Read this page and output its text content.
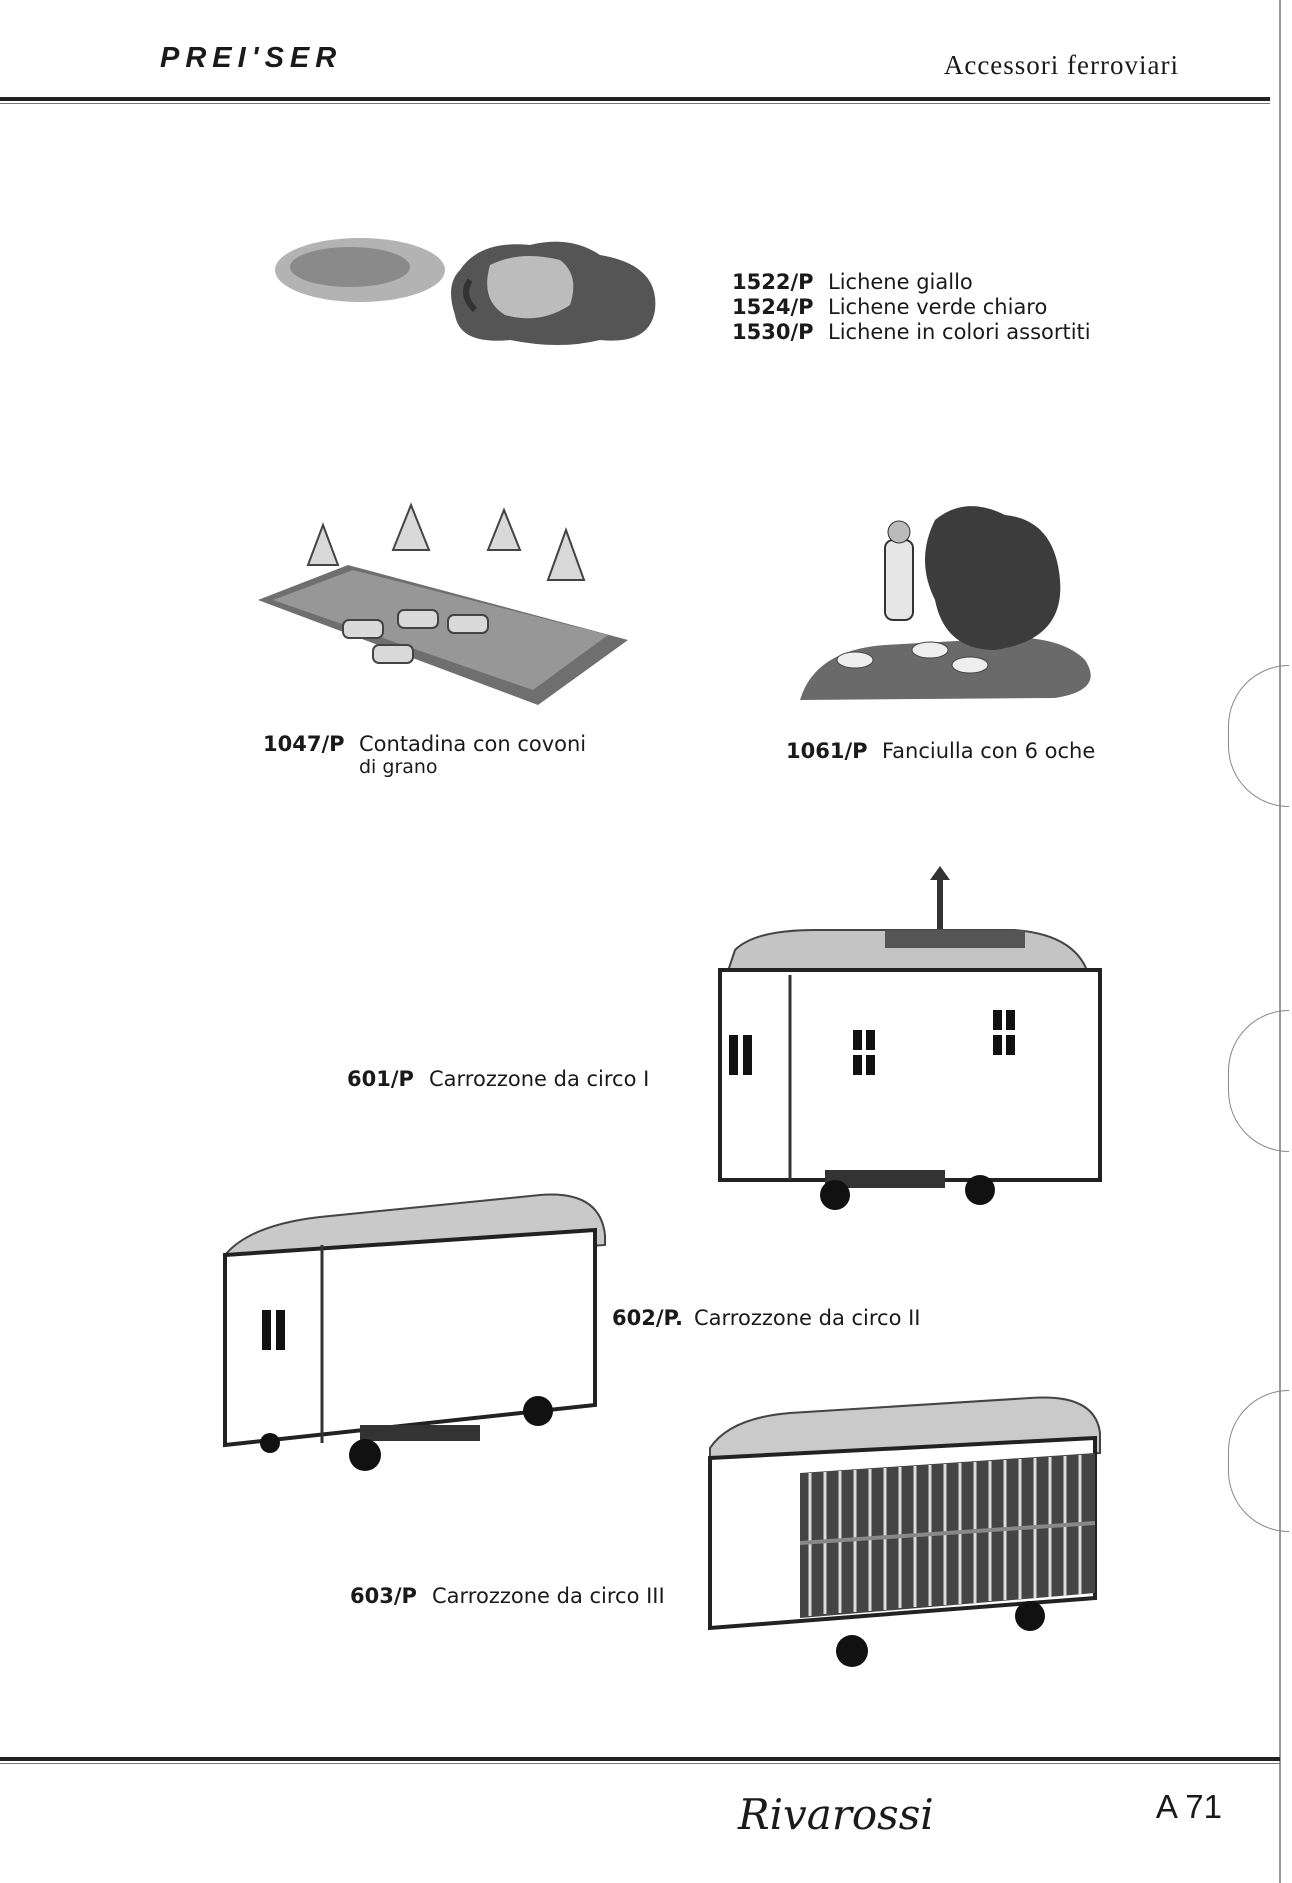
PREI'SER	Accessori ferroviari
1522/P Lichene giallo
1524/P Lichene verde chiaro
1530/P Lichene in colori assortiti
1047/P Contadina con covoni
di grano
1061/P Fanciulla con 6 oche
601/P Carrozzone da circo I
602/P. Carrozzone da circo II
603/P Carrozzone da circo III
Rivarossi	A 71
